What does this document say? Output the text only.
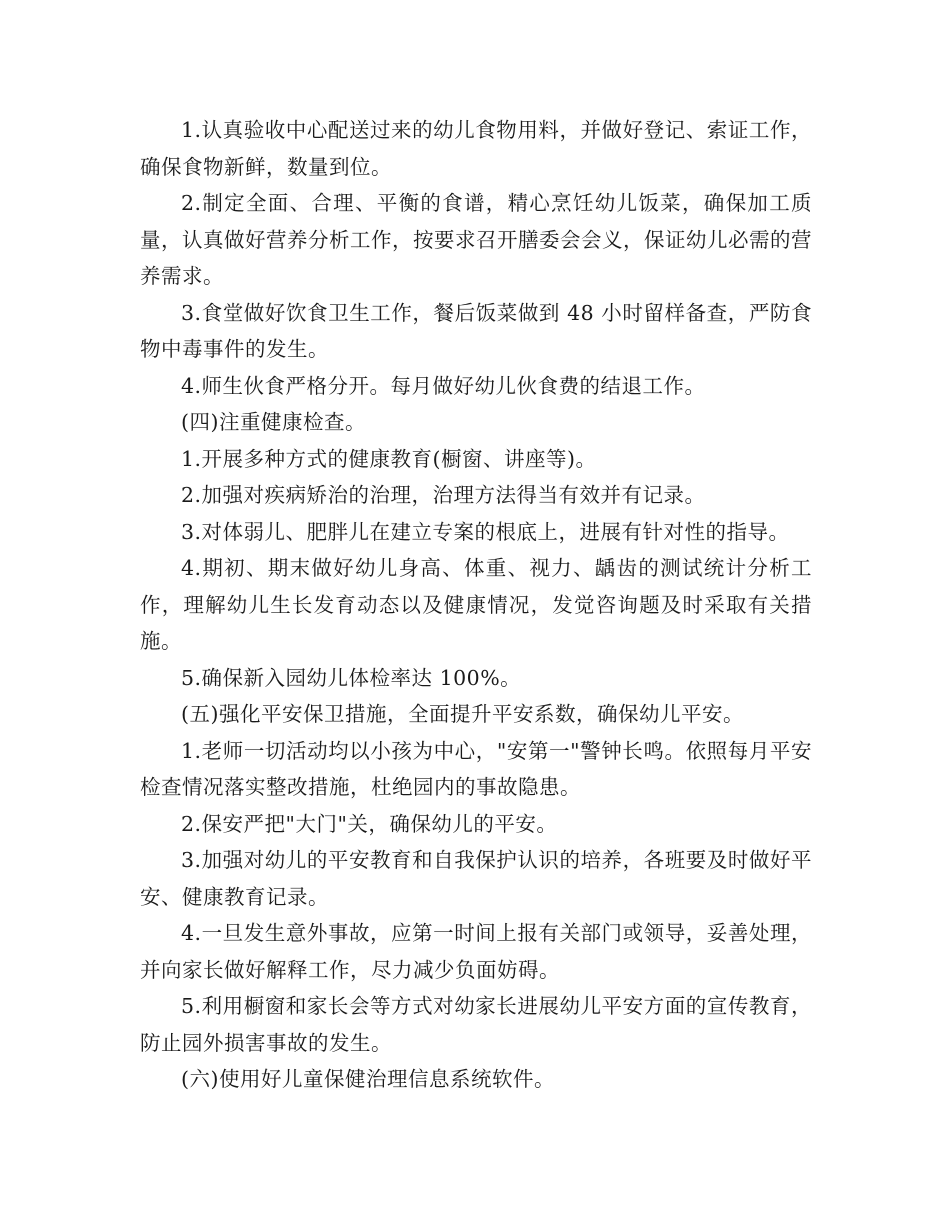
1.认真验收中心配送过来的幼儿食物用料，并做好登记、索证工作，确保食物新鲜，数量到位。

2.制定全面、合理、平衡的食谱，精心烹饪幼儿饭菜，确保加工质量，认真做好营养分析工作，按要求召开膳委会会义，保证幼儿必需的营养需求。

3.食堂做好饮食卫生工作，餐后饭菜做到 48 小时留样备查，严防食物中毒事件的发生。

4.师生伙食严格分开。每月做好幼儿伙食费的结退工作。

(四)注重健康检查。

1.开展多种方式的健康教育(橱窗、讲座等)。

2.加强对疾病矫治的治理，治理方法得当有效并有记录。

3.对体弱儿、肥胖儿在建立专案的根底上，进展有针对性的指导。

4.期初、期末做好幼儿身高、体重、视力、龋齿的测试统计分析工作，理解幼儿生长发育动态以及健康情况，发觉咨询题及时采取有关措施。

5.确保新入园幼儿体检率达 100%。

(五)强化平安保卫措施，全面提升平安系数，确保幼儿平安。

1.老师一切活动均以小孩为中心，"安第一"警钟长鸣。依照每月平安检查情况落实整改措施，杜绝园内的事故隐患。

2.保安严把"大门"关，确保幼儿的平安。

3.加强对幼儿的平安教育和自我保护认识的培养，各班要及时做好平安、健康教育记录。

4.一旦发生意外事故，应第一时间上报有关部门或领导，妥善处理，并向家长做好解释工作，尽力减少负面妨碍。

5.利用橱窗和家长会等方式对幼家长进展幼儿平安方面的宣传教育，防止园外损害事故的发生。

(六)使用好儿童保健治理信息系统软件。
